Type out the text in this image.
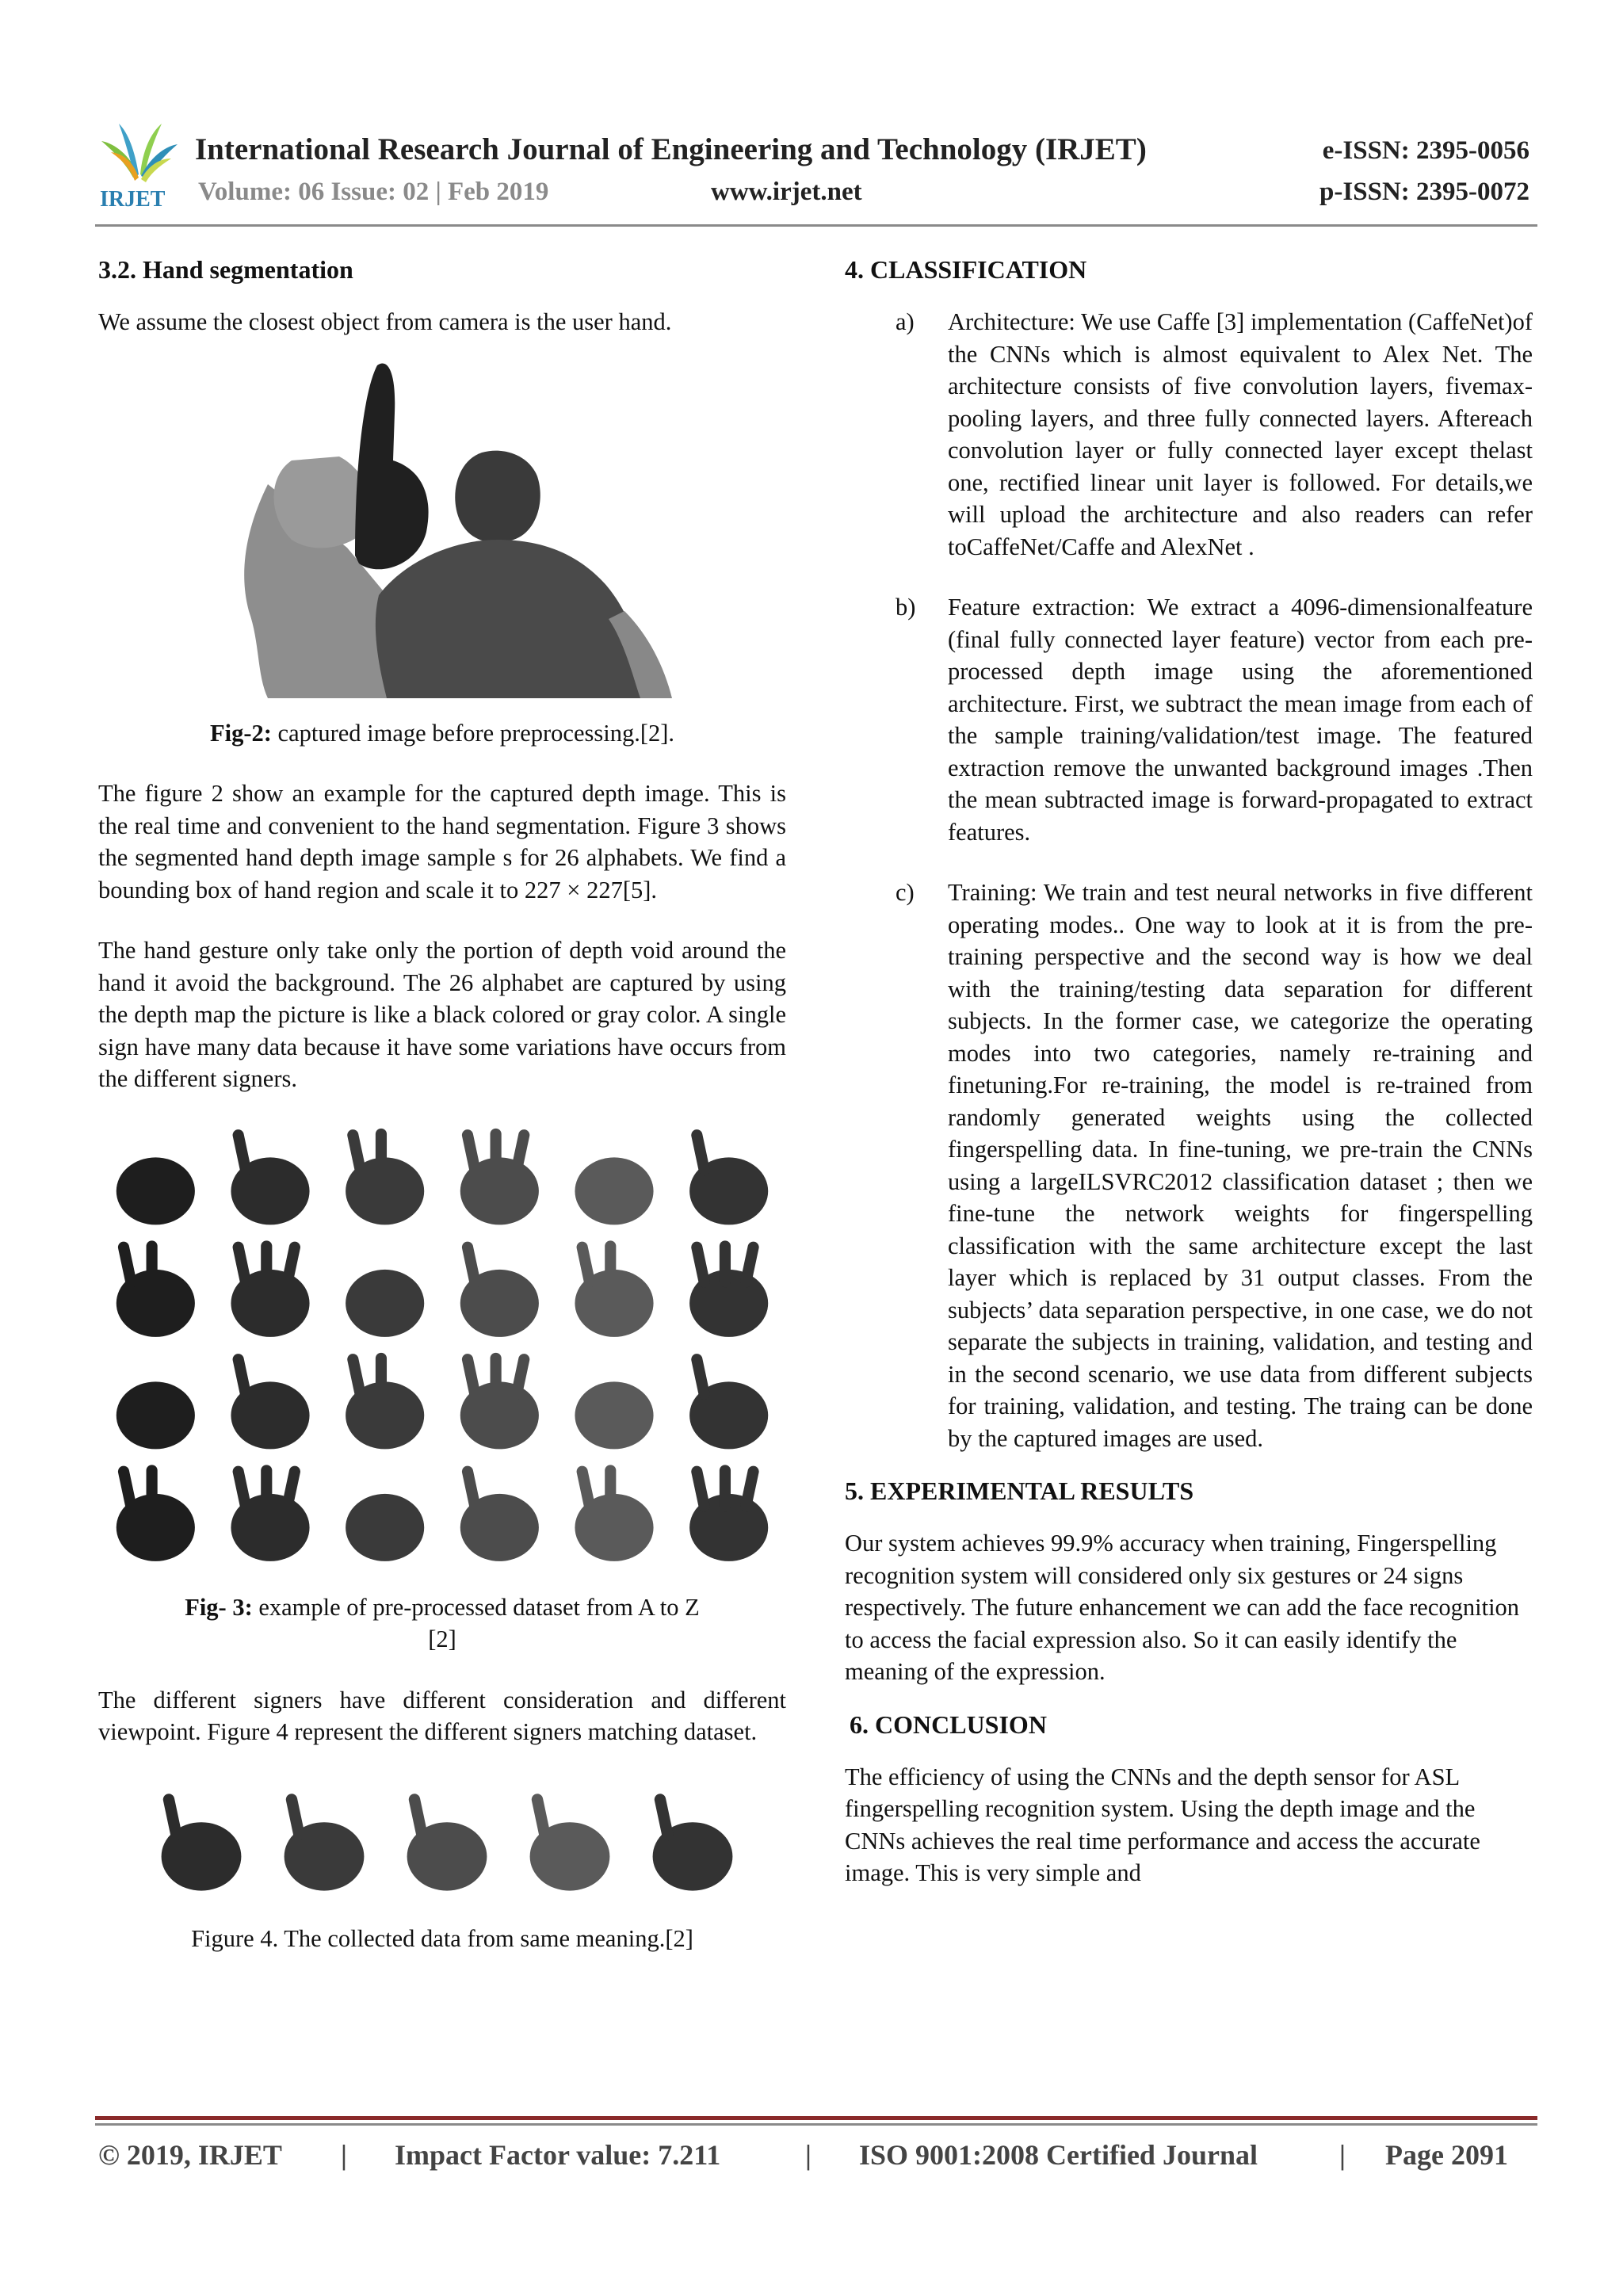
IRJET
International Research Journal of Engineering and Technology (IRJET)	e-ISSN: 2395-0056
Volume: 06 Issue: 02 | Feb 2019	www.irjet.net	p-ISSN: 2395-0072
3.2. Hand segmentation

We assume the closest object from camera is the user hand.

Fig-2: captured image before preprocessing.[2].

The figure 2 show an example for the captured depth image. This is the real time and convenient to the hand segmentation. Figure 3 shows the segmented hand depth image sample s for 26 alphabets. We find a bounding box of hand region and scale it to 227 × 227[5].

The hand gesture only take only the portion of depth void around the hand it avoid the background. The 26 alphabet are captured by using the depth map the picture is like a black colored or gray color. A single sign have many data because it have some variations have occurs from the different signers.

Fig- 3: example of pre-processed dataset from A to Z
[2]

The different signers have different consideration and different viewpoint. Figure 4 represent the different signers matching dataset.

Figure 4. The collected data from same meaning.[2]
4. CLASSIFICATION
a)	Architecture: We use Caffe [3] implementation (CaffeNet)of the CNNs which is almost equivalent to Alex Net. The architecture consists of five convolution layers, fivemax-pooling layers, and three fully connected layers. Aftereach convolution layer or fully connected layer except thelast one, rectified linear unit layer is followed. For details,we will upload the architecture and also readers can refer toCaffeNet/Caffe and AlexNet .
b)	Feature extraction: We extract a 4096-dimensionalfeature (final fully connected layer feature) vector from each pre-processed depth image using the aforementioned architecture. First, we subtract the mean image from each of the sample training/validation/test image. The featured extraction remove the unwanted background images .Then the mean subtracted image is forward-propagated to extract features.
c)	Training: We train and test neural networks in five different operating modes.. One way to look at it is from the pre-training perspective and the second way is how we deal with the training/testing data separation for different subjects. In the former case, we categorize the operating modes into two categories, namely re-training and finetuning.For re-training, the model is re-trained from randomly generated weights using the collected fingerspelling data. In fine-tuning, we pre-train the CNNs using a largeILSVRC2012 classification dataset ; then we fine-tune the network weights for fingerspelling classification with the same architecture except the last layer which is replaced by 31 output classes. From the subjects’ data separation perspective, in one case, we do not separate the subjects in training, validation, and testing and in the second scenario, we use data from different subjects for training, validation, and testing. The traing can be done by the captured images are used.
5. EXPERIMENTAL RESULTS

Our system achieves 99.9% accuracy when training, Fingerspelling recognition system will considered only six gestures or 24 signs respectively. The future enhancement we can add the face recognition to access the facial expression also. So it can easily identify the meaning of the expression.

6. CONCLUSION

The efficiency of using the CNNs and the depth sensor for ASL fingerspelling recognition system. Using the depth image and the CNNs achieves the real time performance and access the accurate image. This is very simple and

© 2019, IRJET | Impact Factor value: 7.211	| ISO 9001:2008 Certified Journal	| Page 2091
